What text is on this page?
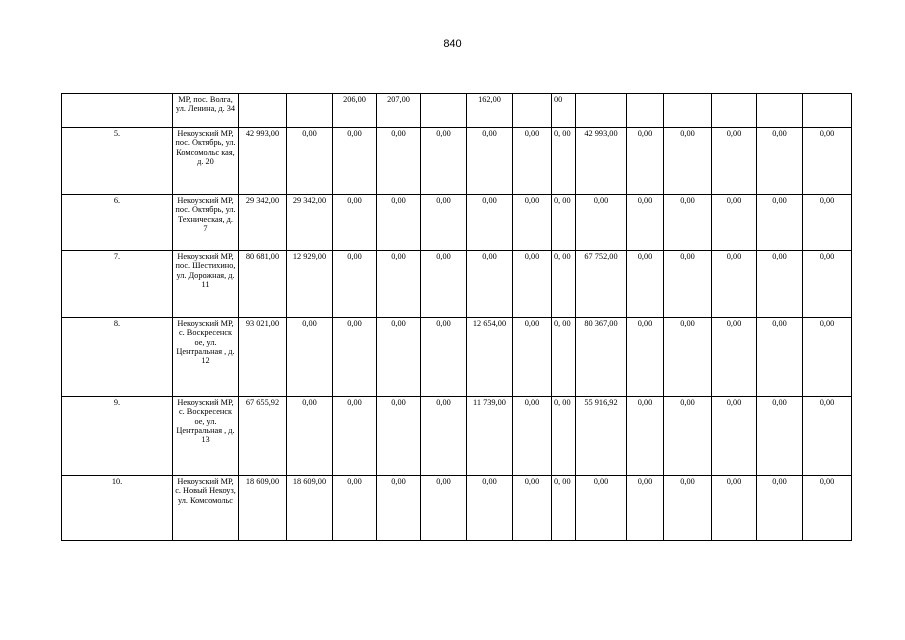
840
	МР, пос. Волга, ул. Ленина, д. 34			206,00	207,00		162,00		00						
5.	Некоузский МР, пос. Октябрь, ул. Комсомольс кая, д. 20	42 993,00	0,00	0,00	0,00	0,00	0,00	0,00	0, 00	42 993,00	0,00	0,00	0,00	0,00	0,00
6.	Некоузский МР, пос. Октябрь, ул. Техническая, д. 7	29 342,00	29 342,00	0,00	0,00	0,00	0,00	0,00	0, 00	0,00	0,00	0,00	0,00	0,00	0,00
7.	Некоузский МР, пос. Шестихино, ул. Дорожная, д. 11	80 681,00	12 929,00	0,00	0,00	0,00	0,00	0,00	0, 00	67 752,00	0,00	0,00	0,00	0,00	0,00
8.	Некоузский МР, с. Воскресенск ое, ул. Центральная , д. 12	93 021,00	0,00	0,00	0,00	0,00	12 654,00	0,00	0, 00	80 367,00	0,00	0,00	0,00	0,00	0,00
9.	Некоузский МР, с. Воскресенск ое, ул. Центральная , д. 13	67 655,92	0,00	0,00	0,00	0,00	11 739,00	0,00	0, 00	55 916,92	0,00	0,00	0,00	0,00	0,00
10.	Некоузский МР, с. Новый Некоуз, ул. Комсомольс	18 609,00	18 609,00	0,00	0,00	0,00	0,00	0,00	0, 00	0,00	0,00	0,00	0,00	0,00	0,00
